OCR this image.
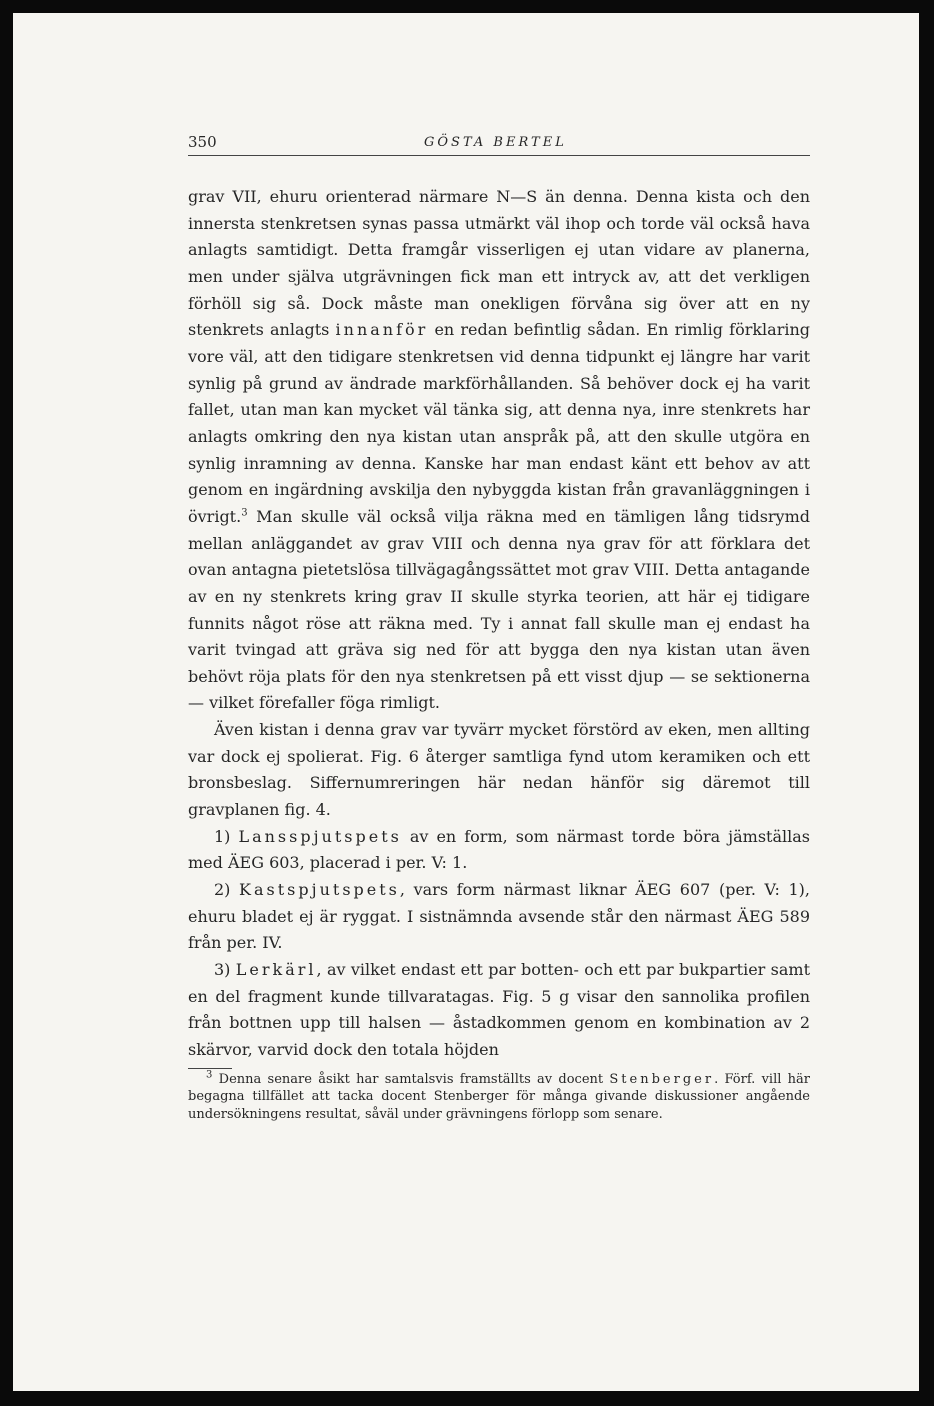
350	GÖSTA BERTEL

grav VII, ehuru orienterad närmare N—S än denna. Denna kista och den innersta stenkretsen synas passa utmärkt väl ihop och torde väl också hava anlagts samtidigt. Detta framgår visserligen ej utan vidare av planerna, men under själva utgrävningen fick man ett intryck av, att det verkligen förhöll sig så. Dock måste man onekligen förvåna sig över att en ny stenkrets anlagts innanför en redan befintlig sådan. En rimlig förklaring vore väl, att den tidigare stenkretsen vid denna tidpunkt ej längre har varit synlig på grund av ändrade markförhållanden. Så behöver dock ej ha varit fallet, utan man kan mycket väl tänka sig, att denna nya, inre stenkrets har anlagts omkring den nya kistan utan anspråk på, att den skulle utgöra en synlig inramning av denna. Kanske har man endast känt ett behov av att genom en ingärdning avskilja den nybyggda kistan från gravanläggningen i övrigt.$^3$ Man skulle väl också vilja räkna med en tämligen lång tidsrymd mellan anläggandet av grav VIII och denna nya grav för att förklara det ovan antagna pietetslösa tillvägagångssättet mot grav VIII. Detta antagande av en ny stenkrets kring grav II skulle styrka teorien, att här ej tidigare funnits något röse att räkna med. Ty i annat fall skulle man ej endast ha varit tvingad att gräva sig ned för att bygga den nya kistan utan även behövt röja plats för den nya stenkretsen på ett visst djup — se sektionerna — vilket förefaller föga rimligt.

Även kistan i denna grav var tyvärr mycket förstörd av eken, men allting var dock ej spolierat. Fig. 6 återger samtliga fynd utom keramiken och ett bronsbeslag. Siffernumreringen här nedan hänför sig däremot till gravplanen fig. 4.

1) Lansspjutspets av en form, som närmast torde böra jämställas med ÄEG 603, placerad i per. V: 1.

2) Kastspjutspets, vars form närmast liknar ÄEG 607 (per. V: 1), ehuru bladet ej är ryggat. I sistnämnda avsende står den närmast ÄEG 589 från per. IV.

3) Lerkärl, av vilket endast ett par botten- och ett par bukpartier samt en del fragment kunde tillvaratagas. Fig. 5 g visar den sannolika profilen från bottnen upp till halsen — åstadkommen genom en kombination av 2 skärvor, varvid dock den totala höjden

$^3$ Denna senare åsikt har samtalsvis framställts av docent Stenberger. Förf. vill här begagna tillfället att tacka docent Stenberger för många givande diskussioner angående undersökningens resultat, såväl under grävningens förlopp som senare.
